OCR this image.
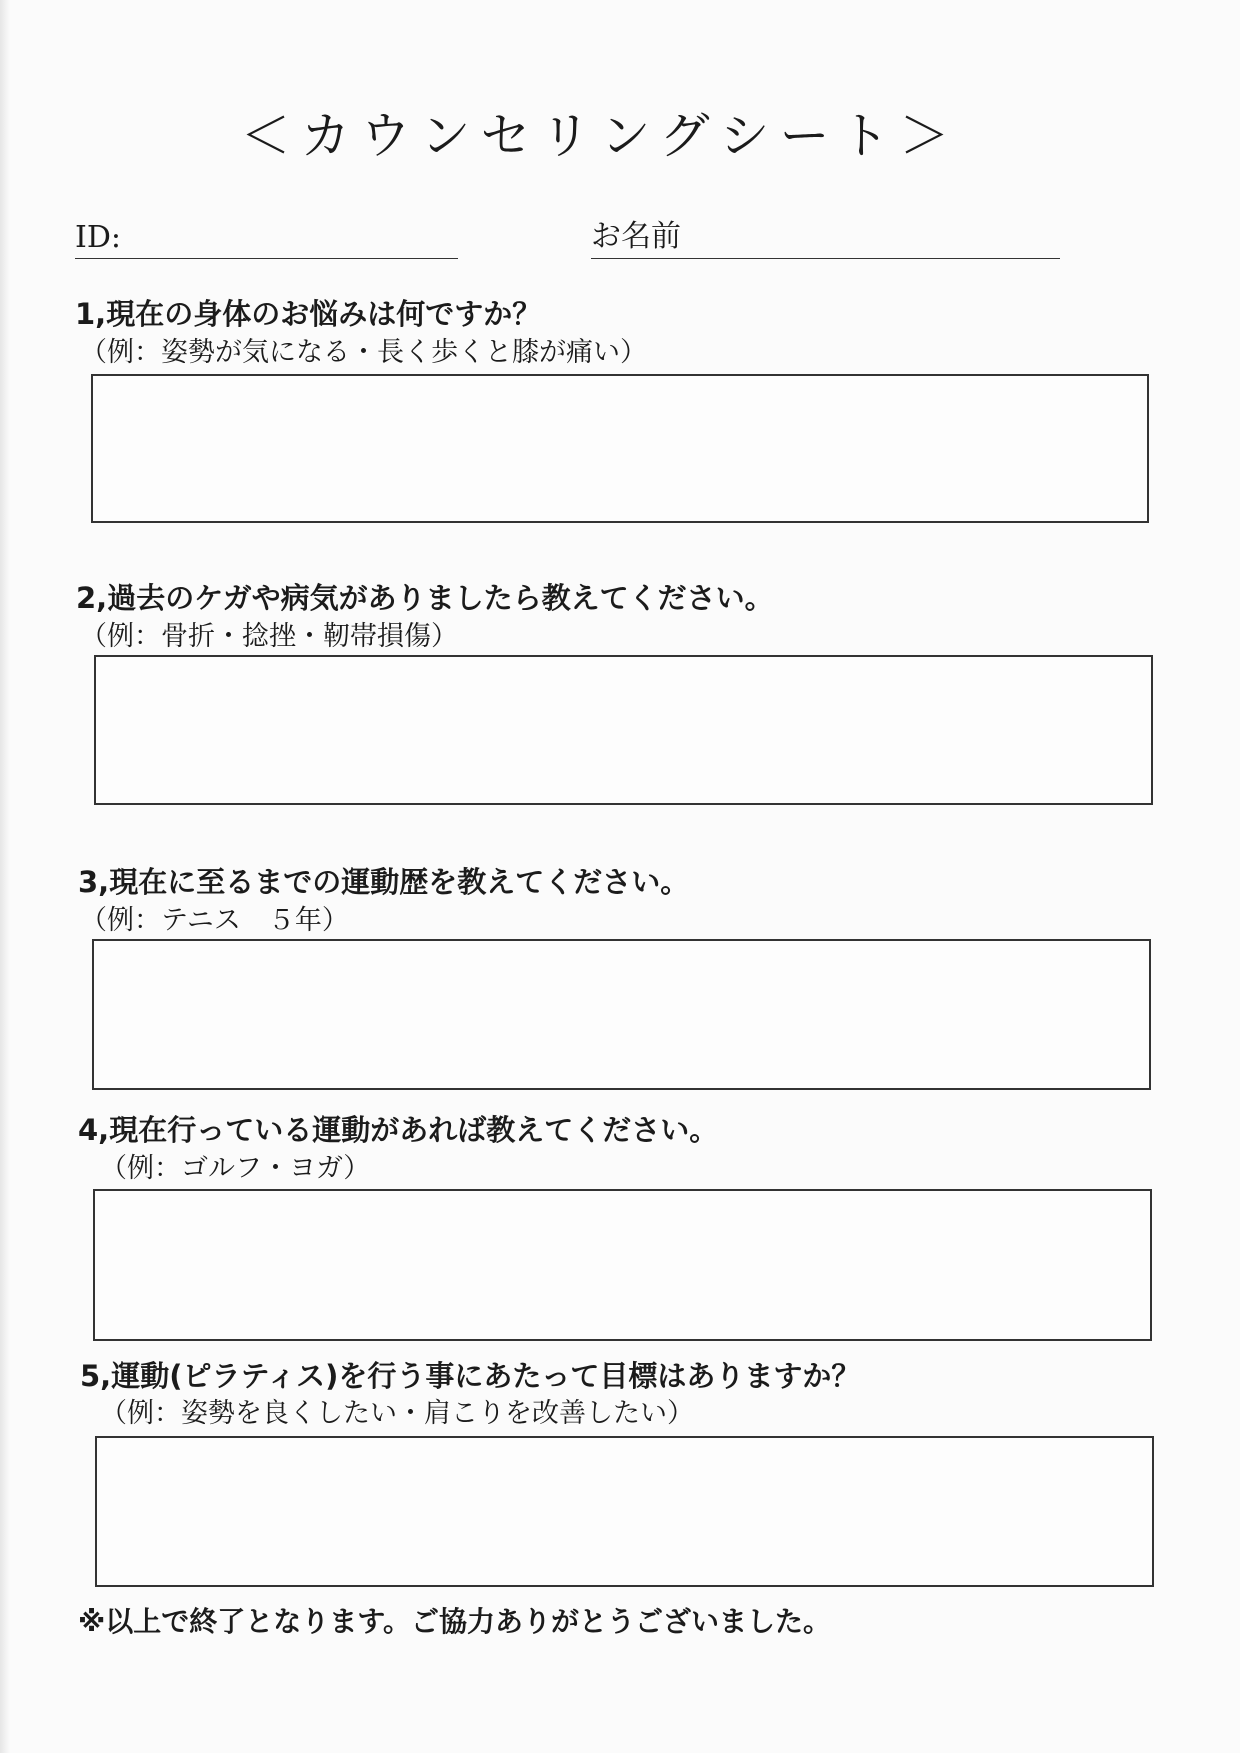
＜カウンセリングシート＞
ID:	お名前
1,現在の身体のお悩みは何ですか？
（例：姿勢が気になる・長く歩くと膝が痛い）
2,過去のケガや病気がありましたら教えてください。
（例：骨折・捻挫・靭帯損傷）
3,現在に至るまでの運動歴を教えてください。
（例：テニス　５年）
4,現在行っている運動があれば教えてください。
（例：ゴルフ・ヨガ）
5,運動(ピラティス)を行う事にあたって目標はありますか？
（例：姿勢を良くしたい・肩こりを改善したい）
※以上で終了となります。ご協力ありがとうございました。
